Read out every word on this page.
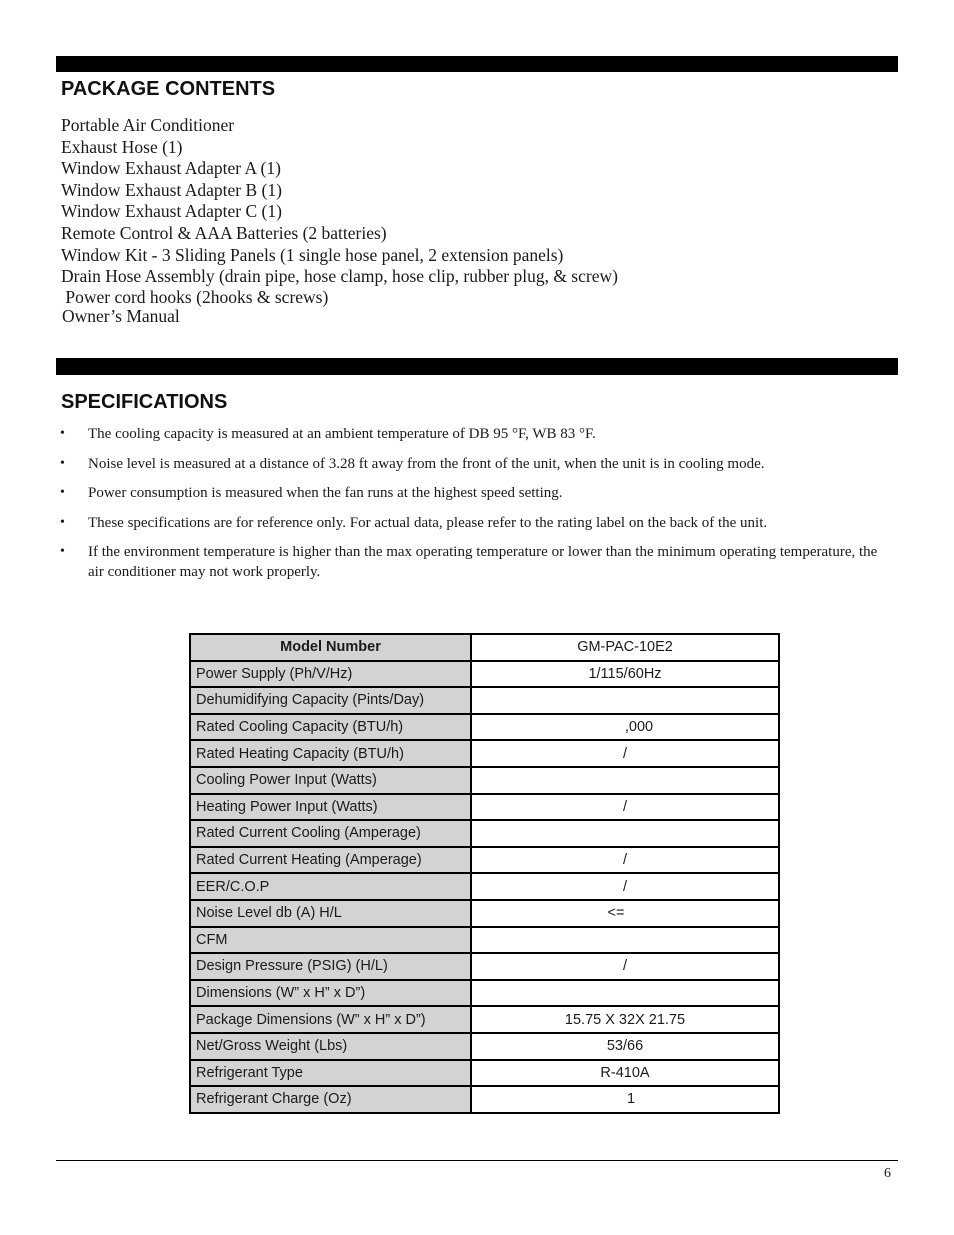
PACKAGE CONTENTS
Portable Air Conditioner
Exhaust Hose (1)
Window Exhaust Adapter A (1)
Window Exhaust Adapter B (1)
Window Exhaust Adapter C (1)
Remote Control & AAA Batteries (2 batteries)
Window Kit - 3 Sliding Panels (1 single hose panel, 2 extension panels)
Drain Hose Assembly (drain pipe, hose clamp, hose clip, rubber plug, & screw)
Power cord hooks (2hooks & screws)
Owner’s Manual
SPECIFICATIONS
• The cooling capacity is measured at an ambient temperature of DB 95 °F, WB 83 °F.
• Noise level is measured at a distance of 3.28 ft away from the front of the unit, when the unit is in cooling mode.
• Power consumption is measured when the fan runs at the highest speed setting.
• These specifications are for reference only. For actual data, please refer to the rating label on the back of the unit.
• If the environment temperature is higher than the max operating temperature or lower than the minimum operating temperature, the air conditioner may not work properly.
Model Number	GM-PAC-10E2
Power Supply (Ph/V/Hz)	1/115/60Hz
Dehumidifying Capacity (Pints/Day)	
Rated Cooling Capacity (BTU/h)	,000
Rated Heating Capacity (BTU/h)	/
Cooling Power Input (Watts)	
Heating Power Input (Watts)	/
Rated Current Cooling (Amperage)	
Rated Current Heating (Amperage)	/
EER/C.O.P	/
Noise Level db (A) H/L	<=
CFM	
Design Pressure (PSIG) (H/L)	/
Dimensions (W” x H” x D”)	
Package Dimensions (W” x H” x D”)	15.75 X 32X 21.75
Net/Gross Weight (Lbs)	53/66
Refrigerant Type	R-410A
Refrigerant Charge (Oz)	1
6
